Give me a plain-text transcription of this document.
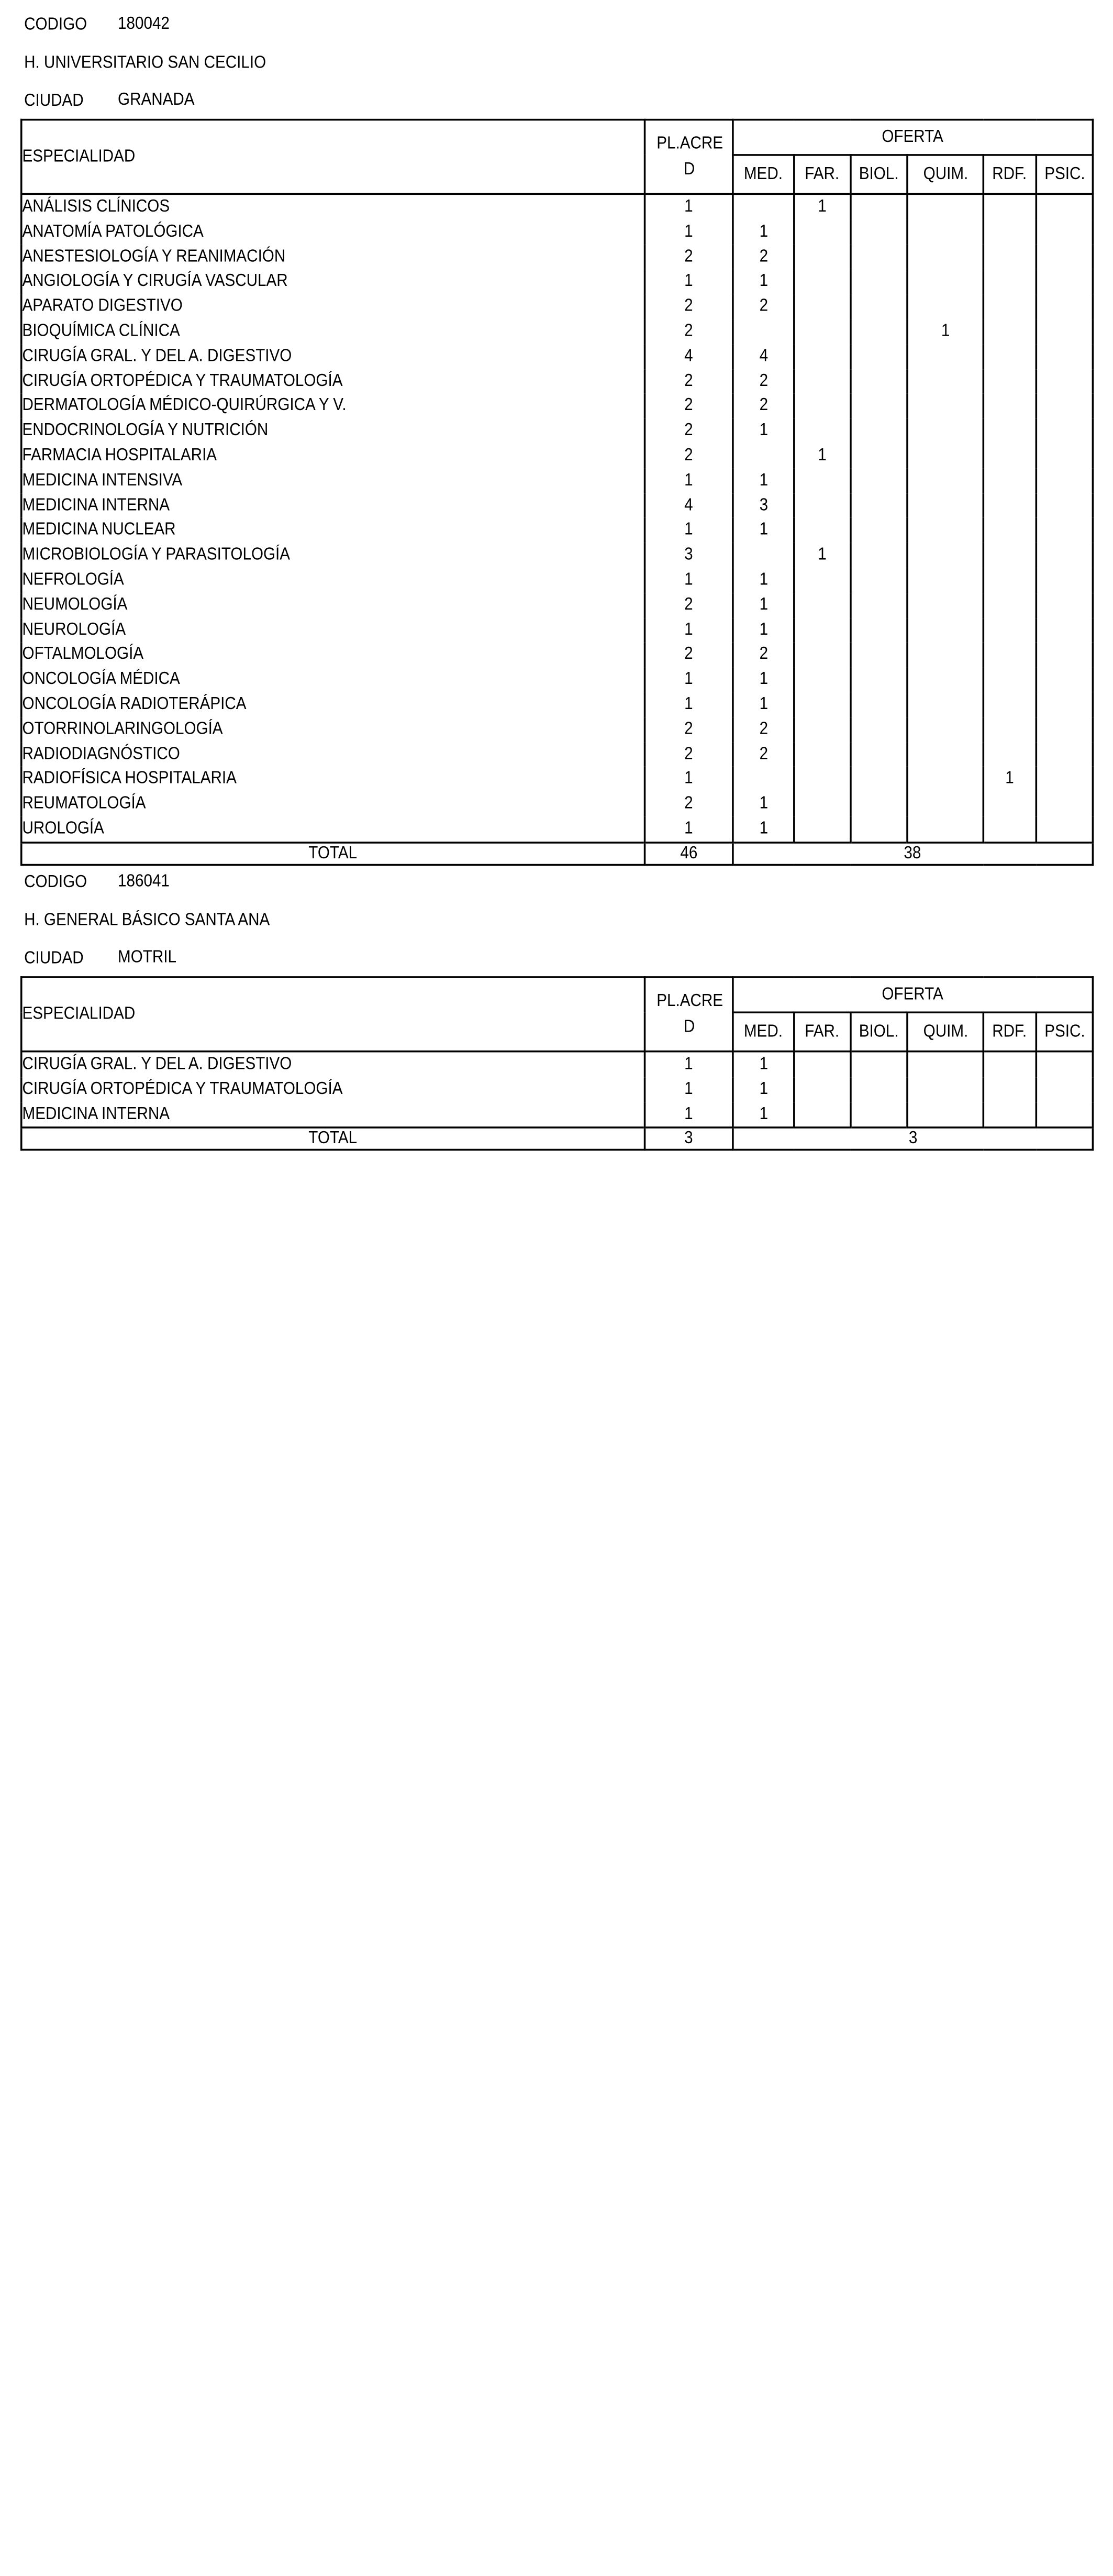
CODIGO	180042
H. UNIVERSITARIO SAN CECILIO
CIUDAD	GRANADA
ESPECIALIDAD	PL.ACRE D	OFERTA					
		MED.	FAR.	BIOL.	QUIM.	RDF.	PSIC.
ANÁLISIS CLÍNICOS	1		1				
ANATOMÍA PATOLÓGICA	1	1					
ANESTESIOLOGÍA Y REANIMACIÓN	2	2					
ANGIOLOGÍA Y CIRUGÍA VASCULAR	1	1					
APARATO DIGESTIVO	2	2					
BIOQUÍMICA CLÍNICA	2				1		
CIRUGÍA GRAL. Y DEL A. DIGESTIVO	4	4					
CIRUGÍA ORTOPÉDICA Y TRAUMATOLOGÍA	2	2					
DERMATOLOGÍA MÉDICO-QUIRÚRGICA Y V.	2	2					
ENDOCRINOLOGÍA Y NUTRICIÓN	2	1					
FARMACIA HOSPITALARIA	2		1				
MEDICINA INTENSIVA	1	1					
MEDICINA INTERNA	4	3					
MEDICINA NUCLEAR	1	1					
MICROBIOLOGÍA Y PARASITOLOGÍA	3		1				
NEFROLOGÍA	1	1					
NEUMOLOGÍA	2	1					
NEUROLOGÍA	1	1					
OFTALMOLOGÍA	2	2					
ONCOLOGÍA MÉDICA	1	1					
ONCOLOGÍA RADIOTERÁPICA	1	1					
OTORRINOLARINGOLOGÍA	2	2					
RADIODIAGNÓSTICO	2	2					
RADIOFÍSICA HOSPITALARIA	1					1	
REUMATOLOGÍA	2	1					
UROLOGÍA	1	1					
TOTAL	46	38					
CODIGO	186041
H. GENERAL BÁSICO SANTA ANA
CIUDAD	MOTRIL
ESPECIALIDAD	PL.ACRE D	OFERTA					
		MED.	FAR.	BIOL.	QUIM.	RDF.	PSIC.
CIRUGÍA GRAL. Y DEL A. DIGESTIVO	1	1					
CIRUGÍA ORTOPÉDICA Y TRAUMATOLOGÍA	1	1					
MEDICINA INTERNA	1	1					
TOTAL	3	3					
